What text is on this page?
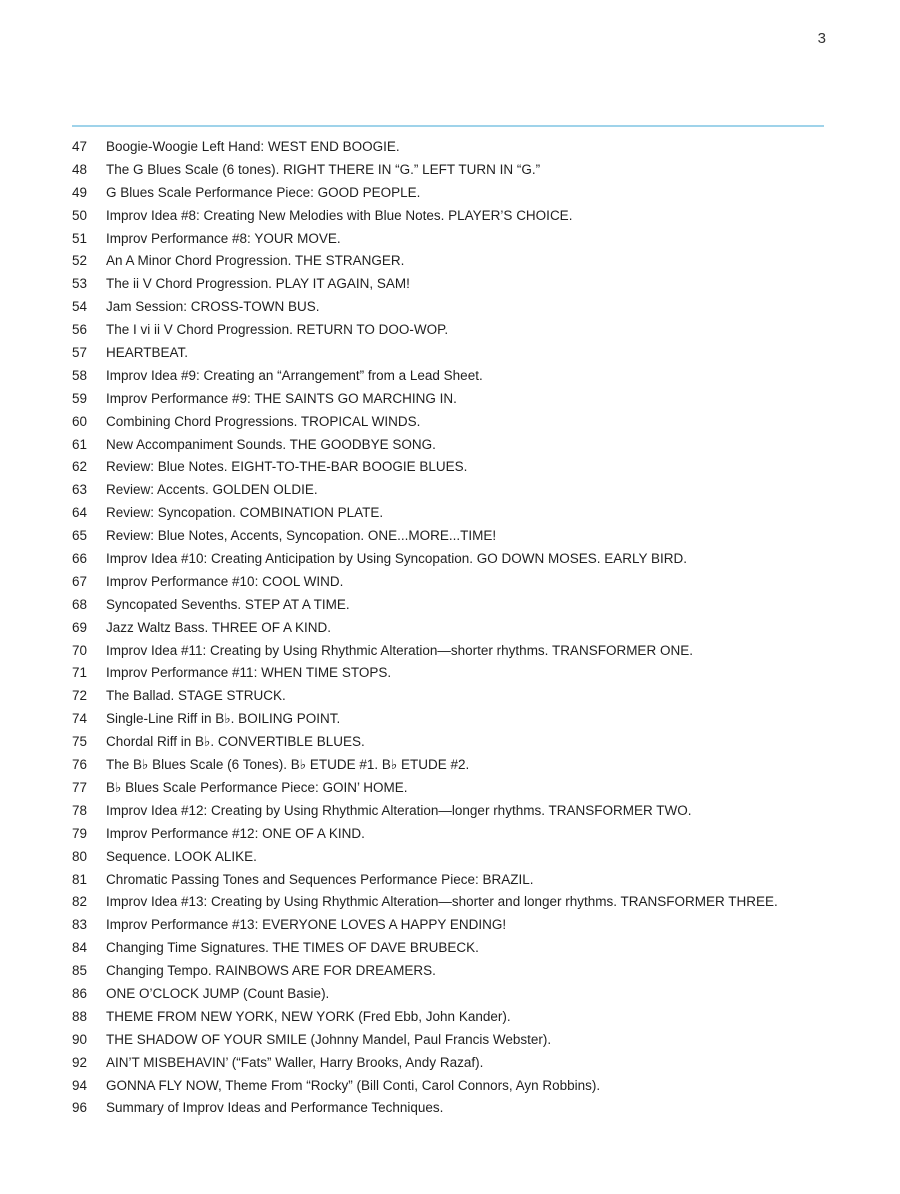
3
47	Boogie-Woogie Left Hand: WEST END BOOGIE.
48	The G Blues Scale (6 tones). RIGHT THERE IN “G.” LEFT TURN IN “G.”
49	G Blues Scale Performance Piece: GOOD PEOPLE.
50	Improv Idea #8: Creating New Melodies with Blue Notes. PLAYER’S CHOICE.
51	Improv Performance #8: YOUR MOVE.
52	An A Minor Chord Progression. THE STRANGER.
53	The ii V Chord Progression. PLAY IT AGAIN, SAM!
54	Jam Session: CROSS-TOWN BUS.
56	The I vi ii V Chord Progression. RETURN TO DOO-WOP.
57	HEARTBEAT.
58	Improv Idea #9: Creating an “Arrangement” from a Lead Sheet.
59	Improv Performance #9: THE SAINTS GO MARCHING IN.
60	Combining Chord Progressions. TROPICAL WINDS.
61	New Accompaniment Sounds. THE GOODBYE SONG.
62	Review: Blue Notes. EIGHT-TO-THE-BAR BOOGIE BLUES.
63	Review: Accents. GOLDEN OLDIE.
64	Review: Syncopation. COMBINATION PLATE.
65	Review: Blue Notes, Accents, Syncopation. ONE...MORE...TIME!
66	Improv Idea #10: Creating Anticipation by Using Syncopation. GO DOWN MOSES. EARLY BIRD.
67	Improv Performance #10: COOL WIND.
68	Syncopated Sevenths. STEP AT A TIME.
69	Jazz Waltz Bass. THREE OF A KIND.
70	Improv Idea #11: Creating by Using Rhythmic Alteration—shorter rhythms. TRANSFORMER ONE.
71	Improv Performance #11: WHEN TIME STOPS.
72	The Ballad. STAGE STRUCK.
74	Single-Line Riff in B♭. BOILING POINT.
75	Chordal Riff in B♭. CONVERTIBLE BLUES.
76	The B♭ Blues Scale (6 Tones). B♭ ETUDE #1. B♭ ETUDE #2.
77	B♭ Blues Scale Performance Piece: GOIN’ HOME.
78	Improv Idea #12: Creating by Using Rhythmic Alteration—longer rhythms. TRANSFORMER TWO.
79	Improv Performance #12: ONE OF A KIND.
80	Sequence. LOOK ALIKE.
81	Chromatic Passing Tones and Sequences Performance Piece: BRAZIL.
82	Improv Idea #13: Creating by Using Rhythmic Alteration—shorter and longer rhythms. TRANSFORMER THREE.
83	Improv Performance #13: EVERYONE LOVES A HAPPY ENDING!
84	Changing Time Signatures. THE TIMES OF DAVE BRUBECK.
85	Changing Tempo. RAINBOWS ARE FOR DREAMERS.
86	ONE O’CLOCK JUMP (Count Basie).
88	THEME FROM NEW YORK, NEW YORK (Fred Ebb, John Kander).
90	THE SHADOW OF YOUR SMILE (Johnny Mandel, Paul Francis Webster).
92	AIN’T MISBEHAVIN’ (“Fats” Waller, Harry Brooks, Andy Razaf).
94	GONNA FLY NOW, Theme From “Rocky” (Bill Conti, Carol Connors, Ayn Robbins).
96	Summary of Improv Ideas and Performance Techniques.
